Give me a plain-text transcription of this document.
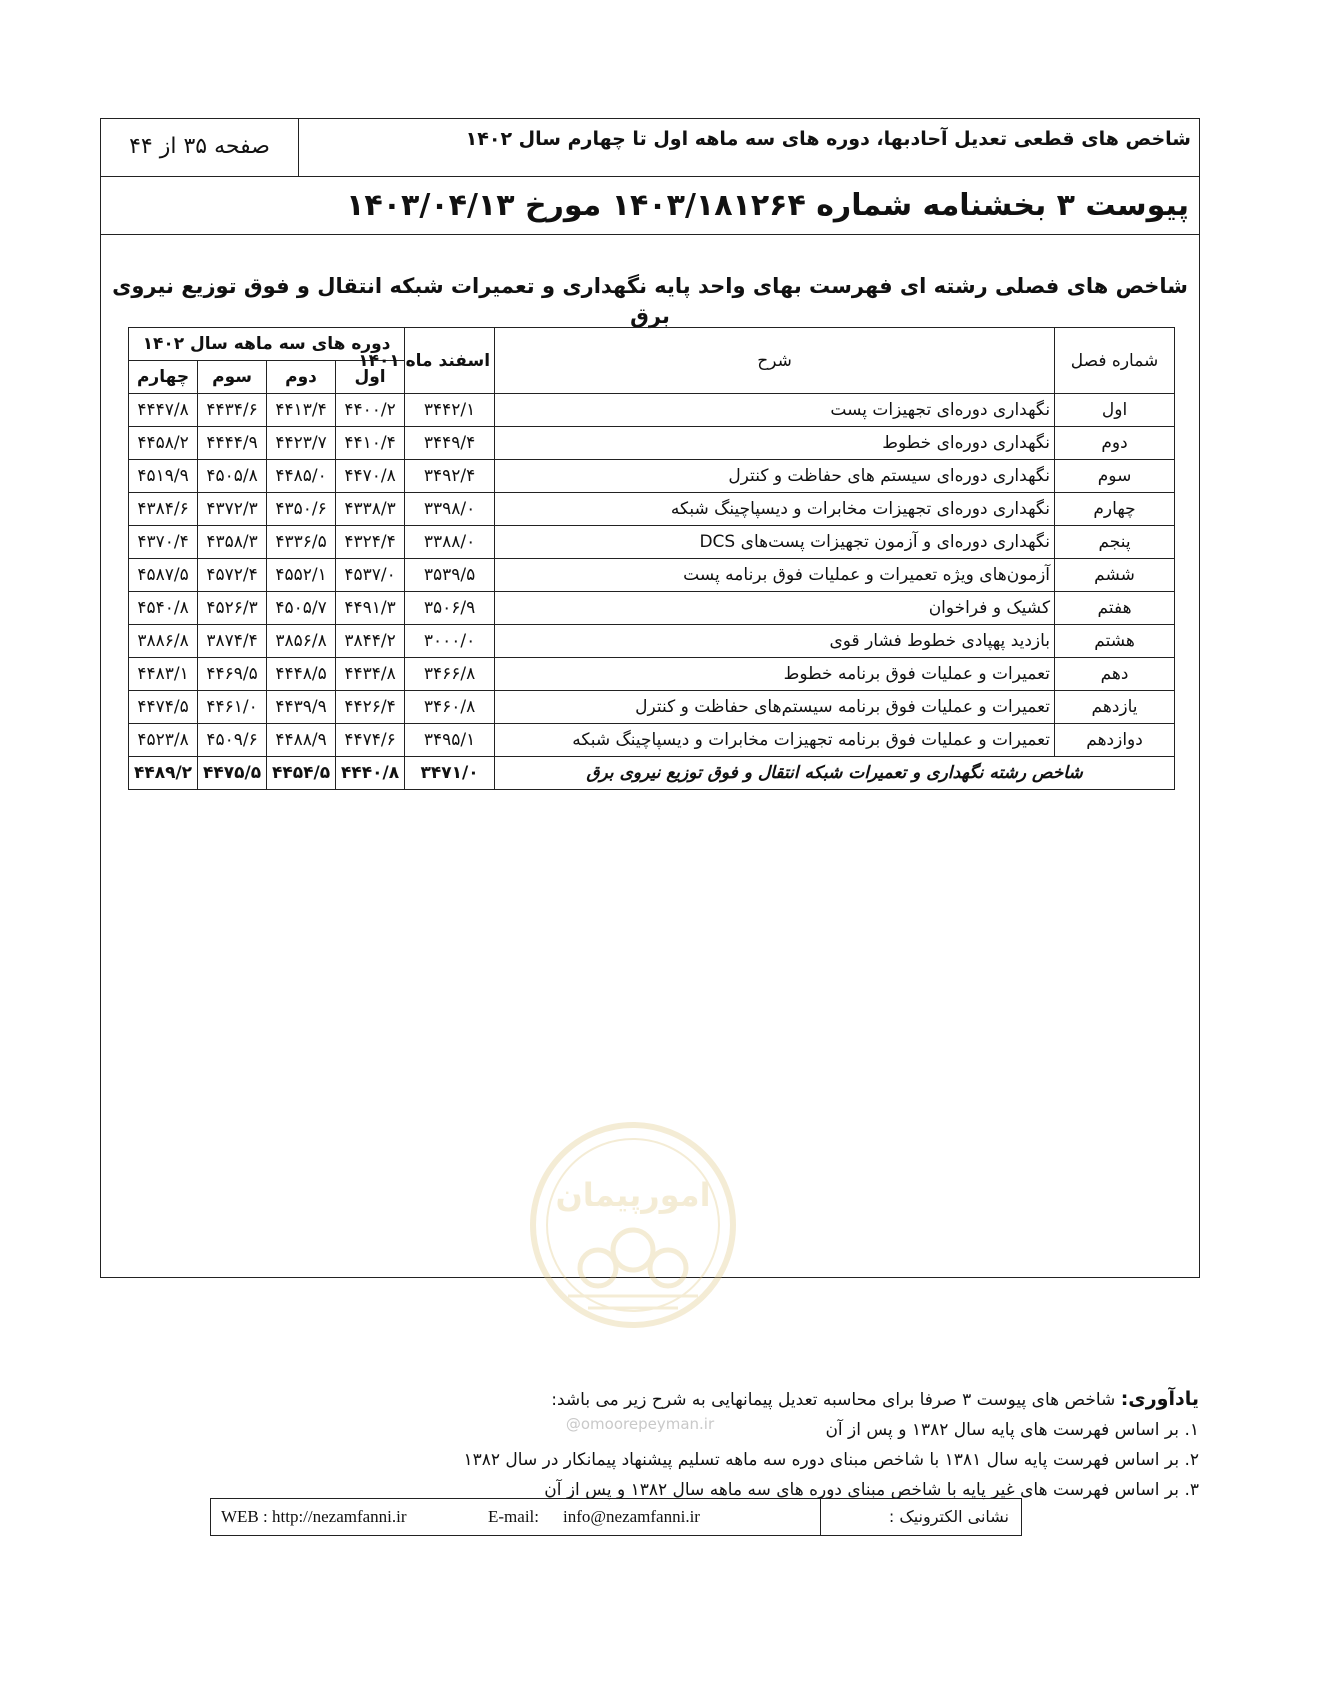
شاخص های قطعی تعدیل آحادبها، دوره های سه ماهه اول تا چهارم سال ۱۴۰۲
صفحه ۳۵ از ۴۴
پیوست ۳ بخشنامه شماره ۱۴۰۳/۱۸۱۲۶۴ مورخ ۱۴۰۳/۰۴/۱۳
شاخص های فصلی رشته ای فهرست بهای واحد پایه نگهداری و تعمیرات شبکه انتقال و فوق توزیع نیروی برق
شماره فصل	شرح	اسفند ماه ۱۴۰۱	دوره های سه ماهه سال ۱۴۰۲			
			اول	دوم	سوم	چهارم
اول	نگهداری دوره‌ای تجهیزات پست	۳۴۴۲/۱	۴۴۰۰/۲	۴۴۱۳/۴	۴۴۳۴/۶	۴۴۴۷/۸
دوم	نگهداری دوره‌ای خطوط	۳۴۴۹/۴	۴۴۱۰/۴	۴۴۲۳/۷	۴۴۴۴/۹	۴۴۵۸/۲
سوم	نگهداری دوره‌ای سیستم های حفاظت و کنترل	۳۴۹۲/۴	۴۴۷۰/۸	۴۴۸۵/۰	۴۵۰۵/۸	۴۵۱۹/۹
چهارم	نگهداری دوره‌ای تجهیزات مخابرات و دیسپاچینگ شبکه	۳۳۹۸/۰	۴۳۳۸/۳	۴۳۵۰/۶	۴۳۷۲/۳	۴۳۸۴/۶
پنجم	نگهداری دوره‌ای و آزمون تجهیزات پست‌های DCS	۳۳۸۸/۰	۴۳۲۴/۴	۴۳۳۶/۵	۴۳۵۸/۳	۴۳۷۰/۴
ششم	آزمون‌های ویژه تعمیرات و عملیات فوق برنامه پست	۳۵۳۹/۵	۴۵۳۷/۰	۴۵۵۲/۱	۴۵۷۲/۴	۴۵۸۷/۵
هفتم	کشیک و فراخوان	۳۵۰۶/۹	۴۴۹۱/۳	۴۵۰۵/۷	۴۵۲۶/۳	۴۵۴۰/۸
هشتم	بازدید پهپادی خطوط فشار قوی	۳۰۰۰/۰	۳۸۴۴/۲	۳۸۵۶/۸	۳۸۷۴/۴	۳۸۸۶/۸
دهم	تعمیرات و عملیات فوق برنامه خطوط	۳۴۶۶/۸	۴۴۳۴/۸	۴۴۴۸/۵	۴۴۶۹/۵	۴۴۸۳/۱
یازدهم	تعمیرات و عملیات فوق برنامه سیستم‌های حفاظت و کنترل	۳۴۶۰/۸	۴۴۲۶/۴	۴۴۳۹/۹	۴۴۶۱/۰	۴۴۷۴/۵
دوازدهم	تعمیرات و عملیات فوق برنامه تجهیزات مخابرات و دیسپاچینگ شبکه	۳۴۹۵/۱	۴۴۷۴/۶	۴۴۸۸/۹	۴۵۰۹/۶	۴۵۲۳/۸
شاخص رشته نگهداری و تعمیرات شبکه انتقال و فوق توزیع نیروی برق		۳۴۷۱/۰	۴۴۴۰/۸	۴۴۵۴/۵	۴۴۷۵/۵	۴۴۸۹/۲
امورپیمان
@omoorepeyman.ir
یادآوری: شاخص های پیوست ۳ صرفا برای محاسبه تعدیل پیمانهایی به شرح زیر می باشد:
۱. بر اساس فهرست های پایه سال ۱۳۸۲ و پس از آن
۲. بر اساس فهرست پایه سال ۱۳۸۱ با شاخص مبنای دوره سه ماهه تسلیم پیشنهاد پیمانکار در سال ۱۳۸۲
۳. بر اساس فهرست های غیر پایه با شاخص مبنای دوره های سه ماهه سال ۱۳۸۲ و پس از آن
WEB : http://nezamfanni.ir	E-mail: info@nezamfanni.ir	نشانی الکترونیک :
